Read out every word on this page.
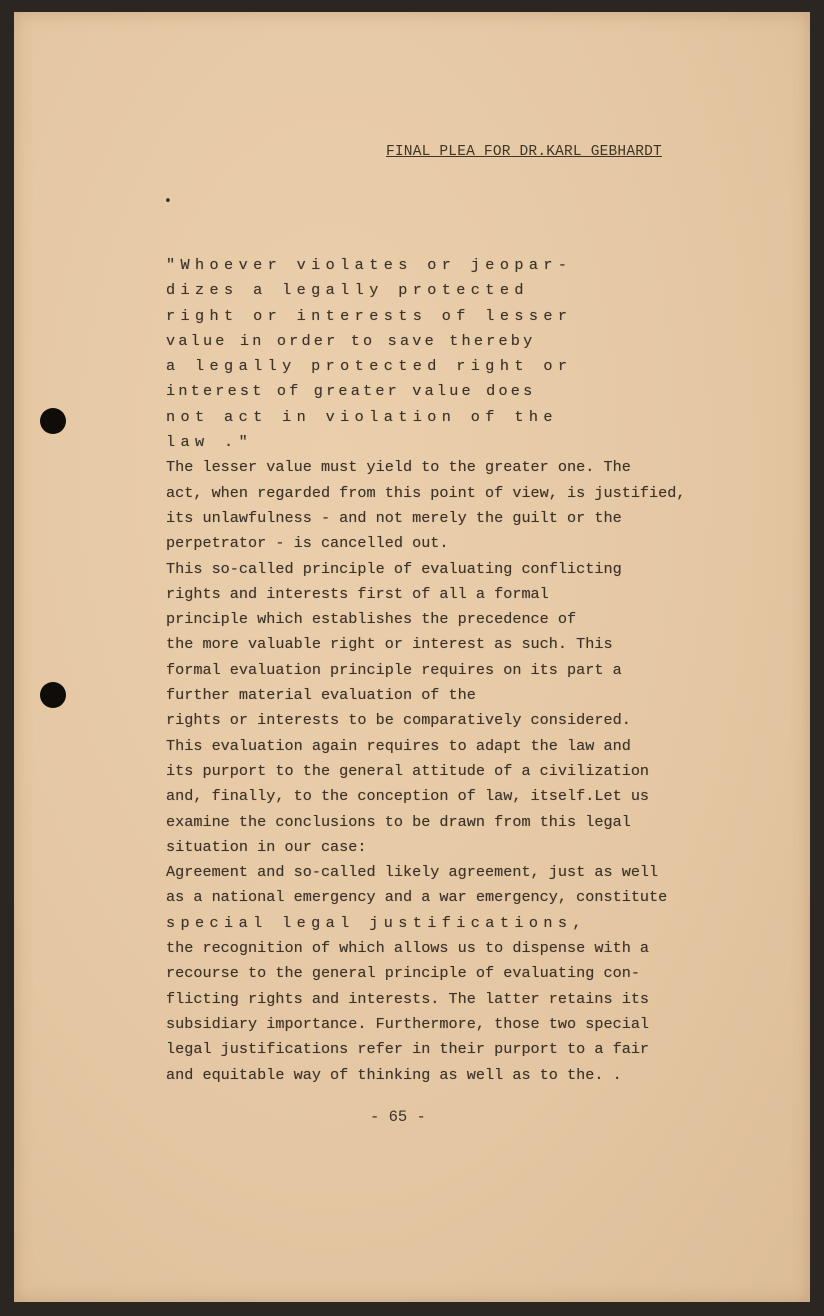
•
FINAL PLEA FOR DR.KARL GEBHARDT
"Whoever violates or jeopar-
dizes a legally protected
right or interests of lesser
value in order to save thereby
a legally protected right or
interest of greater value does
not act in violation of the
law ."
The lesser value must yield to the greater one. The
act, when regarded from this point of view, is justified,
its unlawfulness - and not merely the guilt or the
perpetrator - is cancelled out.
This so-called principle of evaluating conflicting
rights and interests first of all a formal
principle which establishes the precedence of
the more valuable right or interest as such. This
formal evaluation principle requires on its part a
further material evaluation of the
rights or interests to be comparatively considered.
This evaluation again requires to adapt the law and
its purport to the general attitude of a civilization
and, finally, to the conception of law, itself.Let us
examine the conclusions to be drawn from this legal
situation in our case:
Agreement and so-called likely agreement, just as well
as a national emergency and a war emergency, constitute
special legal justifications,
the recognition of which allows us to dispense with a
recourse to the general principle of evaluating con-
flicting rights and interests. The latter retains its
subsidiary importance. Furthermore, those two special
legal justifications refer in their purport to a fair
and equitable way of thinking as well as to the. .
- 65 -
